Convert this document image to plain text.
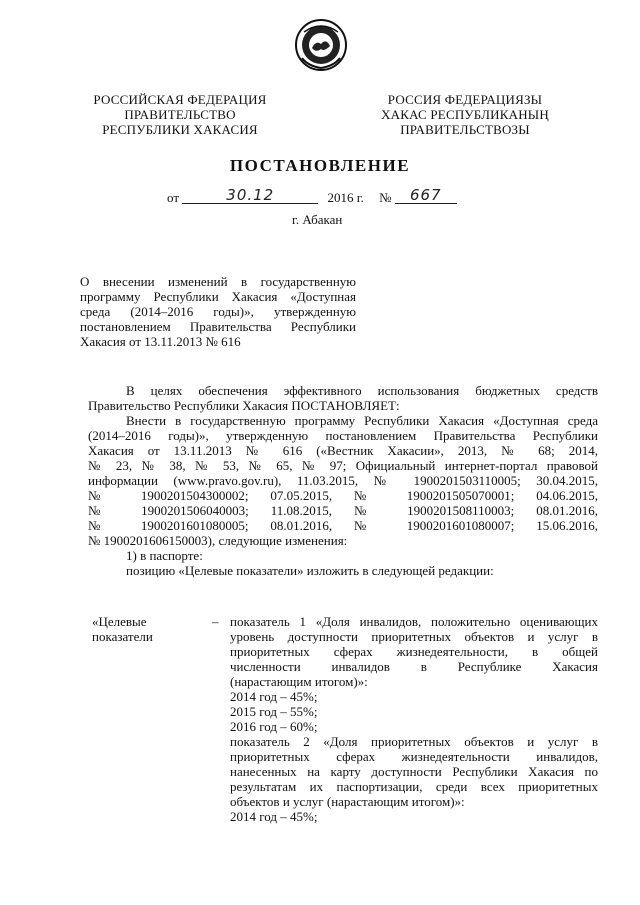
РОССИЙСКАЯ ФЕДЕРАЦИЯ
ПРАВИТЕЛЬСТВО
РЕСПУБЛИКИ ХАКАСИЯ
РОССИЯ ФЕДЕРАЦИЯЗЫ
ХАКАС РЕСПУБЛИКАНЫҢ
ПРАВИТЕЛЬСТВОЗЫ
ПОСТАНОВЛЕНИЕ
от	30.12	2016 г. № 667
г. Абакан
О внесении изменений в государственную
программу Республики Хакасия «Доступная
среда (2014–2016 годы)», утвержденную
постановлением Правительства Республики
Хакасия от 13.11.2013 № 616
В целях обеспечения эффективного использования бюджетных средств
Правительство Республики Хакасия ПОСТАНОВЛЯЕТ:
Внести в государственную программу Республики Хакасия «Доступная среда
(2014–2016 годы)», утвержденную постановлением Правительства Республики
Хакасия от 13.11.2013 № 616 («Вестник Хакасии», 2013, № 68; 2014,
№ 23, № 38, № 53, № 65, № 97; Официальный интернет-портал правовой
информации (www.pravo.gov.ru), 11.03.2015, № 1900201503110005; 30.04.2015,
№ 1900201504300002; 07.05.2015, № 1900201505070001; 04.06.2015,
№ 1900201506040003; 11.08.2015, № 1900201508110003; 08.01.2016,
№ 1900201601080005; 08.01.2016, № 1900201601080007; 15.06.2016,
№ 1900201606150003), следующие изменения:
1) в паспорте:
позицию «Целевые показатели» изложить в следующей редакции:
«Целевые
показатели
– показатель 1 «Доля инвалидов, положительно оценивающих
уровень доступности приоритетных объектов и услуг в
приоритетных сферах жизнедеятельности, в общей
численности инвалидов в Республике Хакасия
(нарастающим итогом)»:
2014 год – 45%;
2015 год – 55%;
2016 год – 60%;
показатель 2 «Доля приоритетных объектов и услуг в
приоритетных сферах жизнедеятельности инвалидов,
нанесенных на карту доступности Республики Хакасия по
результатам их паспортизации, среди всех приоритетных
объектов и услуг (нарастающим итогом)»:
2014 год – 45%;
